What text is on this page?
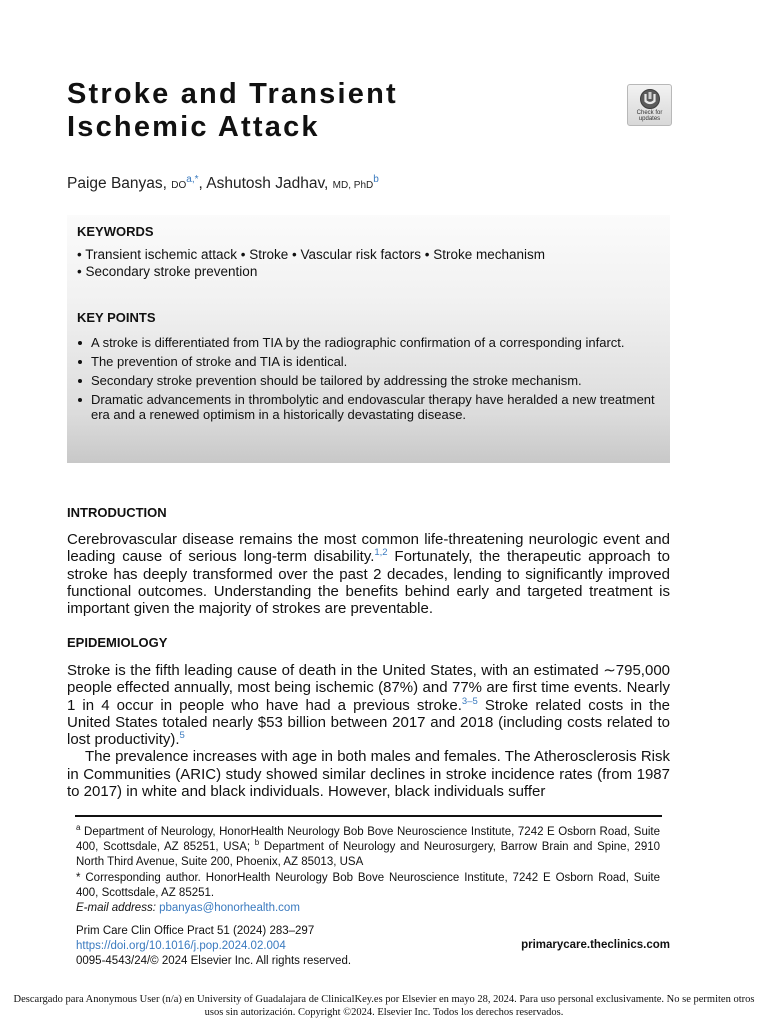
Stroke and Transient
Ischemic Attack	Check for
updates
Paige Banyas, $DO^{a,*}$, Ashutosh Jadhav, MD, PhD$^b$
KEYWORDS
• Transient ischemic attack • Stroke • Vascular risk factors • Stroke mechanism
• Secondary stroke prevention
KEY POINTS
A stroke is differentiated from TIA by the radiographic confirmation of a corresponding infarct.
The prevention of stroke and TIA is identical.
Secondary stroke prevention should be tailored by addressing the stroke mechanism.
Dramatic advancements in thrombolytic and endovascular therapy have heralded a new treatment era and a renewed optimism in a historically devastating disease.
INTRODUCTION
Cerebrovascular disease remains the most common life-threatening neurologic event and leading cause of serious long-term disability.$^{1,2}$ Fortunately, the therapeutic approach to stroke has deeply transformed over the past 2 decades, lending to significantly improved functional outcomes. Understanding the benefits behind early and targeted treatment is important given the majority of strokes are preventable.
EPIDEMIOLOGY
Stroke is the fifth leading cause of death in the United States, with an estimated ∼795,000 people effected annually, most being ischemic (87%) and 77% are first time events. Nearly 1 in 4 occur in people who have had a previous stroke.$^{3-5}$ Stroke related costs in the United States totaled nearly $53 billion between 2017 and 2018 (including costs related to lost productivity).$^5$
The prevalence increases with age in both males and females. The Atherosclerosis Risk in Communities (ARIC) study showed similar declines in stroke incidence rates (from 1987 to 2017) in white and black individuals. However, black individuals suffer
$^a$ Department of Neurology, HonorHealth Neurology Bob Bove Neuroscience Institute, 7242 E Osborn Road, Suite 400, Scottsdale, AZ 85251, USA; $^b$ Department of Neurology and Neurosurgery, Barrow Brain and Spine, 2910 North Third Avenue, Suite 200, Phoenix, AZ 85013, USA
* Corresponding author. HonorHealth Neurology Bob Bove Neuroscience Institute, 7242 E Osborn Road, Suite 400, Scottsdale, AZ 85251.
E-mail address: pbanyas@honorhealth.com
Prim Care Clin Office Pract 51 (2024) 283–297
https://doi.org/10.1016/j.pop.2024.02.004
0095-4543/24/© 2024 Elsevier Inc. All rights reserved.
primarycare.theclinics.com
Descargado para Anonymous User (n/a) en University of Guadalajara de ClinicalKey.es por Elsevier en mayo 28, 2024. Para uso personal exclusivamente. No se permiten otros usos sin autorización. Copyright ©2024. Elsevier Inc. Todos los derechos reservados.
